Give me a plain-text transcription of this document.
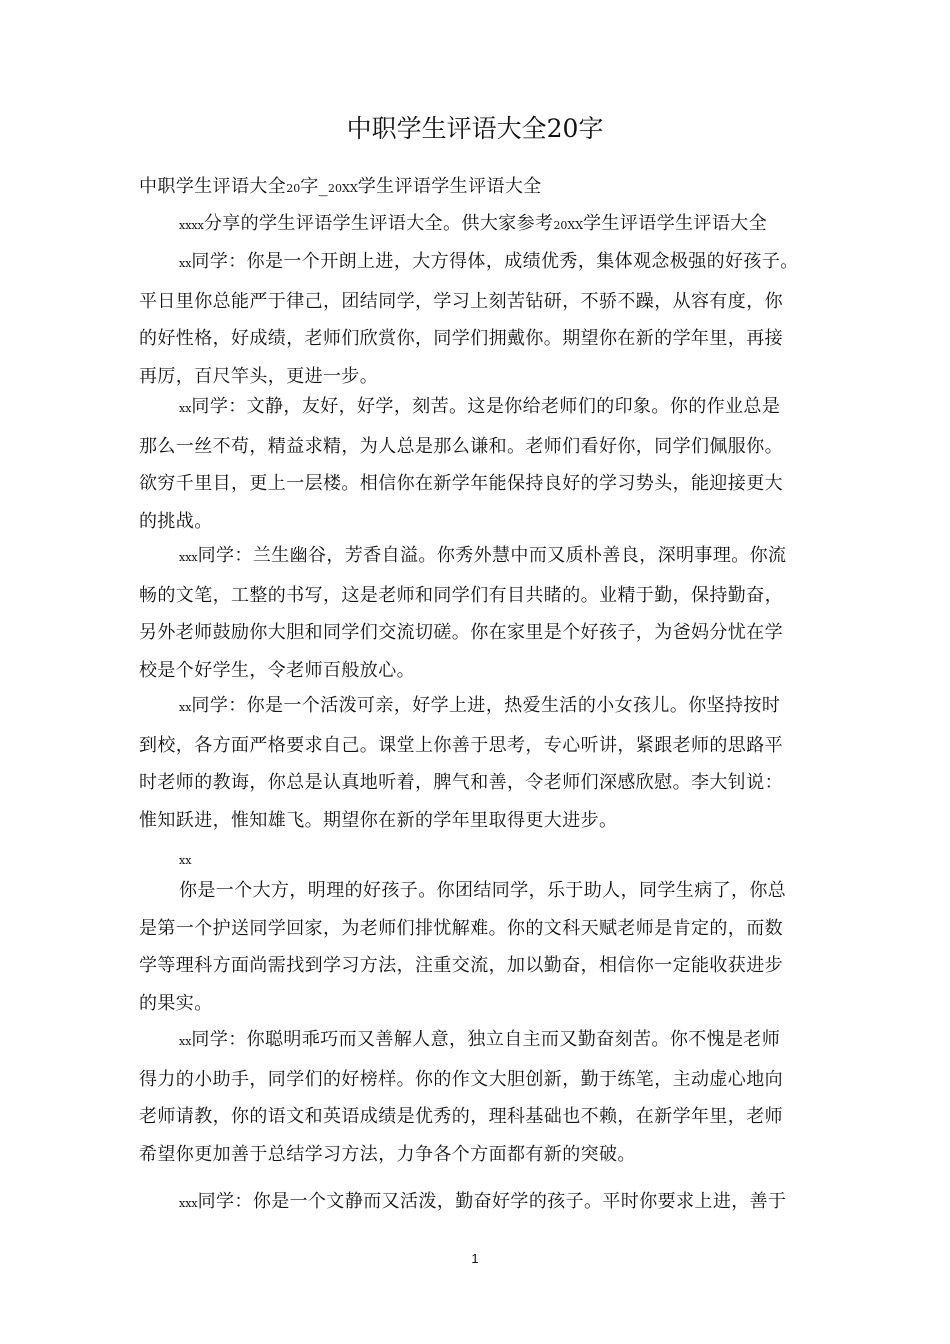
中职学生评语大全20字
中职学生评语大全20字_20XX学生评语学生评语大全
xxxx分享的学生评语学生评语大全。供大家参考20XX学生评语学生评语大全
xx同学：你是一个开朗上进，大方得体，成绩优秀，集体观念极强的好孩子。
平日里你总能严于律己，团结同学，学习上刻苦钻研，不骄不躁，从容有度，你
的好性格，好成绩，老师们欣赏你，同学们拥戴你。期望你在新的学年里，再接
再厉，百尺竿头，更进一步。
xx同学：文静，友好，好学，刻苦。这是你给老师们的印象。你的作业总是
那么一丝不苟，精益求精，为人总是那么谦和。老师们看好你，同学们佩服你。
欲穷千里目，更上一层楼。相信你在新学年能保持良好的学习势头，能迎接更大
的挑战。
xxx同学：兰生幽谷，芳香自溢。你秀外慧中而又质朴善良，深明事理。你流
畅的文笔，工整的书写，这是老师和同学们有目共睹的。业精于勤，保持勤奋，
另外老师鼓励你大胆和同学们交流切磋。你在家里是个好孩子，为爸妈分忧在学
校是个好学生，令老师百般放心。
xx同学：你是一个活泼可亲，好学上进，热爱生活的小女孩儿。你坚持按时
到校，各方面严格要求自己。课堂上你善于思考，专心听讲，紧跟老师的思路平
时老师的教诲，你总是认真地听着，脾气和善，令老师们深感欣慰。李大钊说：
惟知跃进，惟知雄飞。期望你在新的学年里取得更大进步。
xx
你是一个大方，明理的好孩子。你团结同学，乐于助人，同学生病了，你总
是第一个护送同学回家，为老师们排忧解难。你的文科天赋老师是肯定的，而数
学等理科方面尚需找到学习方法，注重交流，加以勤奋，相信你一定能收获进步
的果实。
xx同学：你聪明乖巧而又善解人意，独立自主而又勤奋刻苦。你不愧是老师
得力的小助手，同学们的好榜样。你的作文大胆创新，勤于练笔，主动虚心地向
老师请教，你的语文和英语成绩是优秀的，理科基础也不赖，在新学年里，老师
希望你更加善于总结学习方法，力争各个方面都有新的突破。
xxx同学：你是一个文静而又活泼，勤奋好学的孩子。平时你要求上进，善于
1
